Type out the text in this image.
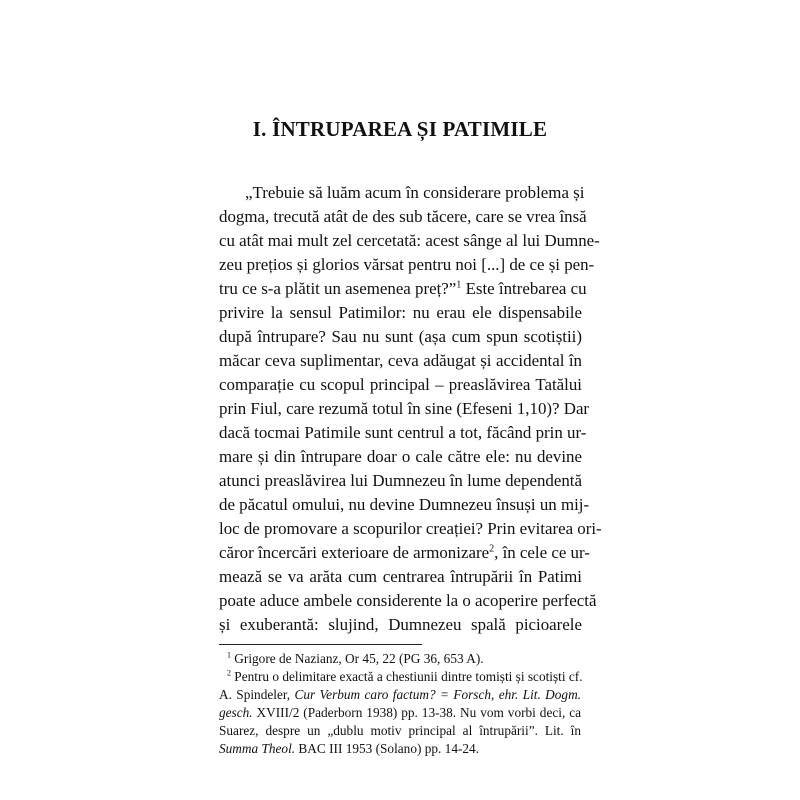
I. ÎNTRUPAREA ȘI PATIMILE
„Trebuie să luăm acum în considerare problema și
dogma, trecută atât de des sub tăcere, care se vrea însă
cu atât mai mult zel cercetată: acest sânge al lui Dumne-
zeu prețios și glorios vărsat pentru noi [...] de ce și pen-
tru ce s-a plătit un asemenea preț?”$^1$ Este întrebarea cu
privire la sensul Patimilor: nu erau ele dispensabile
după întrupare? Sau nu sunt (așa cum spun scotiștii)
măcar ceva suplimentar, ceva adăugat și accidental în
comparație cu scopul principal – preaslăvirea Tatălui
prin Fiul, care rezumă totul în sine (Efeseni 1,10)? Dar
dacă tocmai Patimile sunt centrul a tot, făcând prin ur-
mare și din întrupare doar o cale către ele: nu devine
atunci preaslăvirea lui Dumnezeu în lume dependentă
de păcatul omului, nu devine Dumnezeu însuși un mij-
loc de promovare a scopurilor creației? Prin evitarea ori-
căror încercări exterioare de armonizare$^2$, în cele ce ur-
mează se va arăta cum centrarea întrupării în Patimi
poate aduce ambele considerente la o acoperire perfectă
$^1$ Grigore de Nazianz, Or 45, 22 (PG 36, 653 A).
$^2$ Pentru o delimitare exactă a chestiunii dintre tomiști și scotiști cf.
A. Spindeler, Cur Verbum caro factum? = Forsch, ehr. Lit. Dogm.
gesch. XVIII/2 (Paderborn 1938) pp. 13-38. Nu vom vorbi deci, ca
Suarez, despre un „dublu motiv principal al întrupării”. Lit. în
Summa Theol. BAC III 1953 (Solano) pp. 14-24.
și exuberantă: slujind, Dumnezeu spală picioarele
